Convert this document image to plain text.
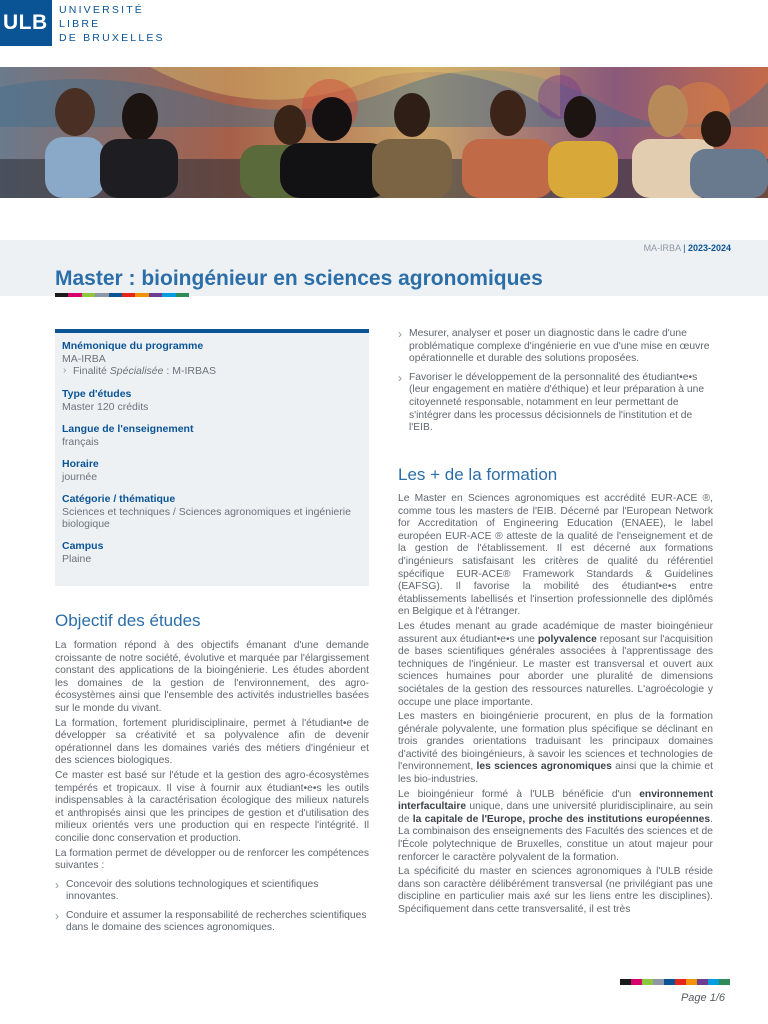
ULB
UNIVERSITÉ
LIBRE
DE BRUXELLES
MA-IRBA | 2023-2024
Master : bioingénieur en sciences agronomiques
Mnémonique du programme
MA-IRBA
› Finalité Spécialisée : M-IRBAS
Type d'études
Master 120 crédits
Langue de l'enseignement
français
Horaire
journée
Catégorie / thématique
Sciences et techniques / Sciences agronomiques et ingénierie biologique
Campus
Plaine
Objectif des études

La formation répond à des objectifs émanant d'une demande croissante de notre société, évolutive et marquée par l'élargissement constant des applications de la bioingénierie. Les études abordent les domaines de la gestion de l'environnement, des agro-écosystèmes ainsi que l'ensemble des activités industrielles basées sur le monde du vivant.

La formation, fortement pluridisciplinaire, permet à l'étudiant•e de développer sa créativité et sa polyvalence afin de devenir opérationnel dans les domaines variés des métiers d'ingénieur et des sciences biologiques.

Ce master est basé sur l'étude et la gestion des agro-écosystèmes tempérés et tropicaux. Il vise à fournir aux étudiant•e•s les outils indispensables à la caractérisation écologique des milieux naturels et anthropisés ainsi que les principes de gestion et d'utilisation des milieux orientés vers une production qui en respecte l'intégrité. Il concilie donc conservation et production.

La formation permet de développer ou de renforcer les compétences suivantes :

› Concevoir des solutions technologiques et scientifiques innovantes.
› Conduire et assumer la responsabilité de recherches scientifiques dans le domaine des sciences agronomiques.
› Mesurer, analyser et poser un diagnostic dans le cadre d'une problématique complexe d'ingénierie en vue d'une mise en œuvre opérationnelle et durable des solutions proposées.
› Favoriser le développement de la personnalité des étudiant•e•s (leur engagement en matière d'éthique) et leur préparation à une citoyenneté responsable, notamment en leur permettant de s'intégrer dans les processus décisionnels de l'institution et de l'EIB.
Les + de la formation

Le Master en Sciences agronomiques est accrédité EUR-ACE ®, comme tous les masters de l'EIB. Décerné par l'European Network for Accreditation of Engineering Education (ENAEE), le label européen EUR-ACE ® atteste de la qualité de l'enseignement et de la gestion de l'établissement. Il est décerné aux formations d'ingénieurs satisfaisant les critères de qualité du référentiel spécifique EUR-ACE® Framework Standards & Guidelines (EAFSG). Il favorise la mobilité des étudiant•e•s entre établissements labellisés et l'insertion professionnelle des diplômés en Belgique et à l'étranger.

Les études menant au grade académique de master bioingénieur assurent aux étudiant•e•s une polyvalence reposant sur l'acquisition de bases scientifiques générales associées à l'apprentissage des techniques de l'ingénieur. Le master est transversal et ouvert aux sciences humaines pour aborder une pluralité de dimensions sociétales de la gestion des ressources naturelles. L'agroécologie y occupe une place importante.

Les masters en bioingénierie procurent, en plus de la formation générale polyvalente, une formation plus spécifique se déclinant en trois grandes orientations traduisant les principaux domaines d'activité des bioingénieurs, à savoir les sciences et technologies de l'environnement, les sciences agronomiques ainsi que la chimie et les bio-industries.

Le bioingénieur formé à l'ULB bénéficie d'un environnement interfacultaire unique, dans une université pluridisciplinaire, au sein de la capitale de l'Europe, proche des institutions européennes. La combinaison des enseignements des Facultés des sciences et de l'École polytechnique de Bruxelles, constitue un atout majeur pour renforcer le caractère polyvalent de la formation.

La spécificité du master en sciences agronomiques à l'ULB réside dans son caractère délibérément transversal (ne privilégiant pas une discipline en particulier mais axé sur les liens entre les disciplines). Spécifiquement dans cette transversalité, il est très

Page 1/6
